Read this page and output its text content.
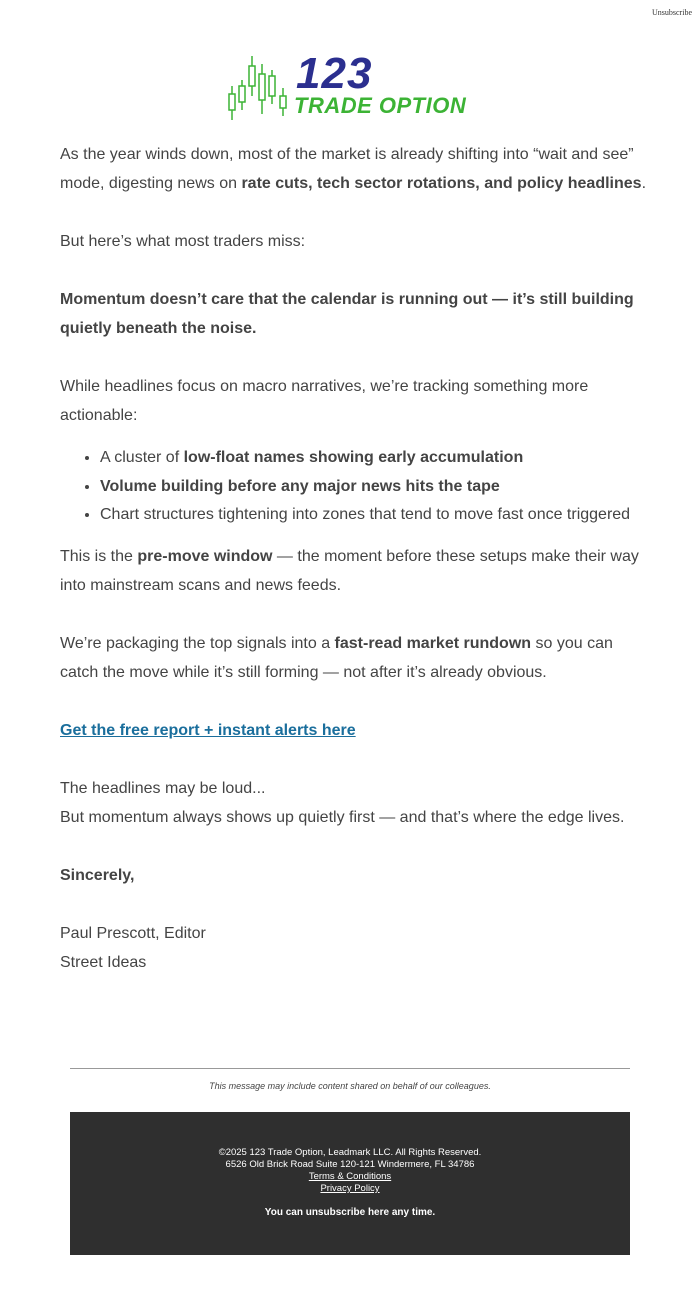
Unsubscribe
123
TRADE OPTION

As the year winds down, most of the market is already shifting into “wait and see” mode, digesting news on rate cuts, tech sector rotations, and policy headlines.

But here’s what most traders miss:

Momentum doesn’t care that the calendar is running out — it’s still building quietly beneath the noise.

While headlines focus on macro narratives, we’re tracking something more actionable:

• A cluster of low-float names showing early accumulation
• Volume building before any major news hits the tape
• Chart structures tightening into zones that tend to move fast once triggered

This is the pre-move window — the moment before these setups make their way into mainstream scans and news feeds.

We’re packaging the top signals into a fast-read market rundown so you can catch the move while it’s still forming — not after it’s already obvious.

Get the free report + instant alerts here

The headlines may be loud...
But momentum always shows up quietly first — and that’s where the edge lives.

Sincerely,

Paul Prescott, Editor
Street Ideas

This message may include content shared on behalf of our colleagues.
©2025 123 Trade Option, Leadmark LLC. All Rights Reserved.
6526 Old Brick Road Suite 120-121 Windermere, FL 34786
Terms & Conditions
Privacy Policy
You can unsubscribe here any time.
